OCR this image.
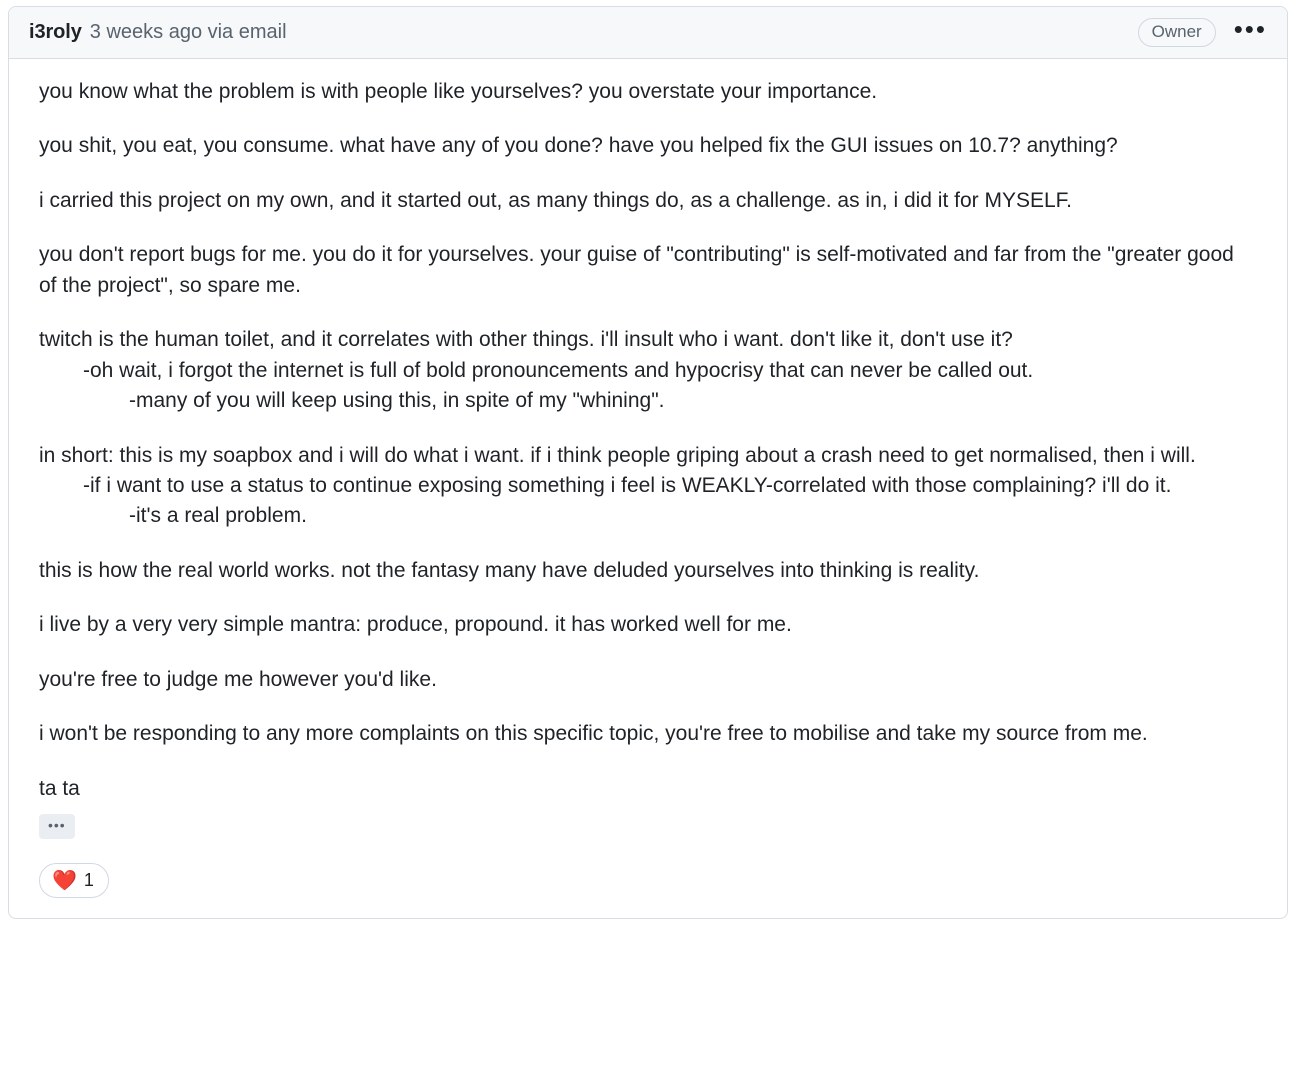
i3roly 3 weeks ago via email	Owner	•••

you know what the problem is with people like yourselves? you overstate your importance.

you shit, you eat, you consume. what have any of you done? have you helped fix the GUI issues on 10.7? anything?

i carried this project on my own, and it started out, as many things do, as a challenge. as in, i did it for MYSELF.

you don't report bugs for me. you do it for yourselves. your guise of "contributing" is self-motivated and far from the "greater good of the project", so spare me.

twitch is the human toilet, and it correlates with other things. i'll insult who i want. don't like it, don't use it?

-oh wait, i forgot the internet is full of bold pronouncements and hypocrisy that can never be called out.

-many of you will keep using this, in spite of my "whining".

in short: this is my soapbox and i will do what i want. if i think people griping about a crash need to get normalised, then i will.

-if i want to use a status to continue exposing something i feel is WEAKLY-correlated with those complaining? i'll do it.

-it's a real problem.

this is how the real world works. not the fantasy many have deluded yourselves into thinking is reality.

i live by a very very simple mantra: produce, propound. it has worked well for me.

you're free to judge me however you'd like.

i won't be responding to any more complaints on this specific topic, you're free to mobilise and take my source from me.

ta ta

•••
❤️ 1
